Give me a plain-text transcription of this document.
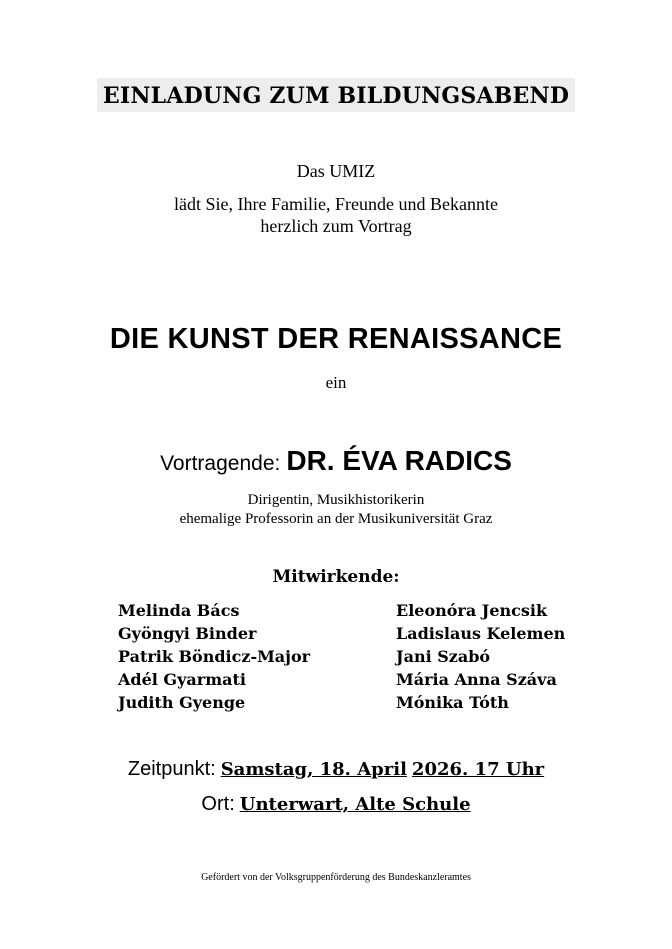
EINLADUNG ZUM BILDUNGSABEND
Das UMIZ
lädt Sie, Ihre Familie, Freunde und Bekannte
herzlich zum Vortrag
DIE KUNST DER RENAISSANCE
ein
Vortragende: DR. ÉVA RADICS
Dirigentin, Musikhistorikerin
ehemalige Professorin an der Musikuniversität Graz
Mitwirkende:
Melinda Bács
Gyöngyi Binder
Patrik Böndicz-Major
Adél Gyarmati
Judith Gyenge
Eleonóra Jencsik
Ladislaus Kelemen
Jani Szabó
Mária Anna Száva
Mónika Tóth
Zeitpunkt: Samstag, 18. April 2026. 17 Uhr
Ort: Unterwart, Alte Schule
Gefördert von der Volksgruppenförderung des Bundeskanzleramtes
